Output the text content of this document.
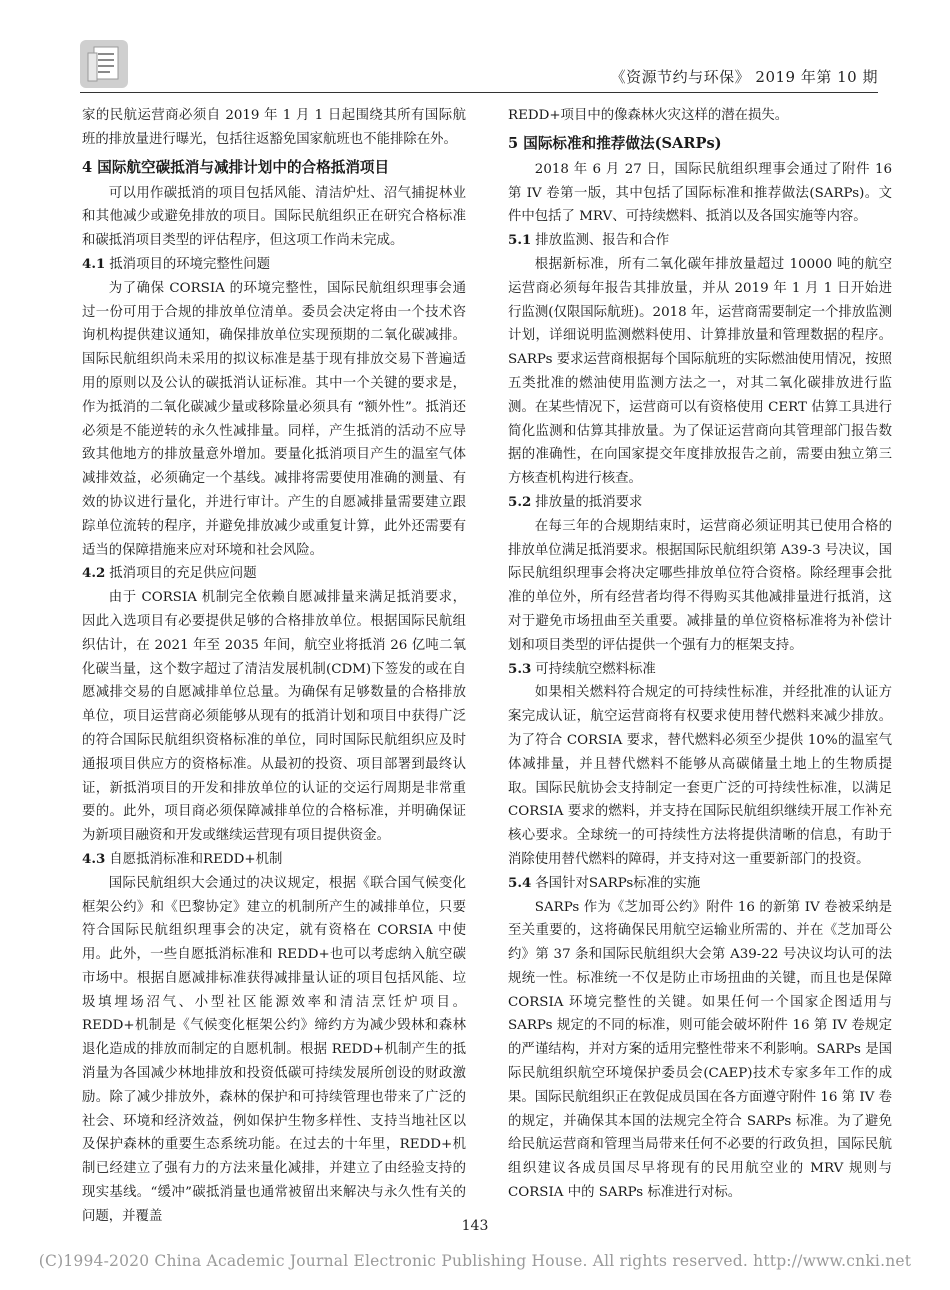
《资源节约与环保》 2019 年第 10 期

家的民航运营商必须自 2019 年 1 月 1 日起围绕其所有国际航班的排放量进行曝光，包括往返豁免国家航班也不能排除在外。

4 国际航空碳抵消与减排计划中的合格抵消项目

可以用作碳抵消的项目包括风能、清洁炉灶、沼气捕捉林业和其他减少或避免排放的项目。国际民航组织正在研究合格标准和碳抵消项目类型的评估程序，但这项工作尚未完成。

4.1 抵消项目的环境完整性问题

为了确保 CORSIA 的环境完整性，国际民航组织理事会通过一份可用于合规的排放单位清单。委员会决定将由一个技术咨询机构提供建议通知，确保排放单位实现预期的二氧化碳减排。国际民航组织尚未采用的拟议标准是基于现有排放交易下普遍适用的原则以及公认的碳抵消认证标准。其中一个关键的要求是，作为抵消的二氧化碳减少量或移除量必须具有 “额外性”。抵消还必须是不能逆转的永久性减排量。同样，产生抵消的活动不应导致其他地方的排放量意外增加。要量化抵消项目产生的温室气体减排效益，必须确定一个基线。减排将需要使用准确的测量、有效的协议进行量化，并进行审计。产生的自愿减排量需要建立跟踪单位流转的程序，并避免排放减少或重复计算，此外还需要有适当的保障措施来应对环境和社会风险。

4.2 抵消项目的充足供应问题

由于 CORSIA 机制完全依赖自愿减排量来满足抵消要求，因此入选项目有必要提供足够的合格排放单位。根据国际民航组织估计，在 2021 年至 2035 年间，航空业将抵消 26 亿吨二氧化碳当量，这个数字超过了清洁发展机制(CDM)下签发的或在自愿减排交易的自愿减排单位总量。为确保有足够数量的合格排放单位，项目运营商必须能够从现有的抵消计划和项目中获得广泛的符合国际民航组织资格标准的单位，同时国际民航组织应及时通报项目供应方的资格标准。从最初的投资、项目部署到最终认证，新抵消项目的开发和排放单位的认证的交运行周期是非常重要的。此外，项目商必须保障减排单位的合格标准，并明确保证为新项目融资和开发或继续运营现有项目提供资金。

4.3 自愿抵消标准和REDD+机制

国际民航组织大会通过的决议规定，根据《联合国气候变化框架公约》和《巴黎协定》建立的机制所产生的减排单位，只要符合国际民航组织理事会的决定，就有资格在 CORSIA 中使用。此外，一些自愿抵消标准和 REDD+也可以考虑纳入航空碳市场中。根据自愿减排标准获得减排量认证的项目包括风能、垃圾填埋场沼气、小型社区能源效率和清洁烹饪炉项目。REDD+机制是《气候变化框架公约》缔约方为减少毁林和森林退化造成的排放而制定的自愿机制。根据 REDD+机制产生的抵消量为各国减少林地排放和投资低碳可持续发展所创设的财政激励。除了减少排放外，森林的保护和可持续管理也带来了广泛的社会、环境和经济效益，例如保护生物多样性、支持当地社区以及保护森林的重要生态系统功能。在过去的十年里，REDD+机制已经建立了强有力的方法来量化减排，并建立了由经验支持的现实基线。“缓冲”碳抵消量也通常被留出来解决与永久性有关的问题，并覆盖

REDD+项目中的像森林火灾这样的潜在损失。

5 国际标准和推荐做法(SARPs)

2018 年 6 月 27 日，国际民航组织理事会通过了附件 16 第 IV 卷第一版，其中包括了国际标准和推荐做法(SARPs)。文件中包括了 MRV、可持续燃料、抵消以及各国实施等内容。

5.1 排放监测、报告和合作

根据新标准，所有二氧化碳年排放量超过 10000 吨的航空运营商必须每年报告其排放量，并从 2019 年 1 月 1 日开始进行监测(仅限国际航班)。2018 年，运营商需要制定一个排放监测计划，详细说明监测燃料使用、计算排放量和管理数据的程序。SARPs 要求运营商根据每个国际航班的实际燃油使用情况，按照五类批准的燃油使用监测方法之一，对其二氧化碳排放进行监测。在某些情况下，运营商可以有资格使用 CERT 估算工具进行简化监测和估算其排放量。为了保证运营商向其管理部门报告数据的准确性，在向国家提交年度排放报告之前，需要由独立第三方核查机构进行核查。

5.2 排放量的抵消要求

在每三年的合规期结束时，运营商必须证明其已使用合格的排放单位满足抵消要求。根据国际民航组织第 A39-3 号决议，国际民航组织理事会将决定哪些排放单位符合资格。除经理事会批准的单位外，所有经营者均得不得购买其他减排量进行抵消，这对于避免市场扭曲至关重要。减排量的单位资格标准将为补偿计划和项目类型的评估提供一个强有力的框架支持。

5.3 可持续航空燃料标准

如果相关燃料符合规定的可持续性标准，并经批准的认证方案完成认证，航空运营商将有权要求使用替代燃料来减少排放。为了符合 CORSIA 要求，替代燃料必须至少提供 10%的温室气体减排量，并且替代燃料不能够从高碳储量土地上的生物质提取。国际民航协会支持制定一套更广泛的可持续性标准，以满足 CORSIA 要求的燃料，并支持在国际民航组织继续开展工作补充核心要求。全球统一的可持续性方法将提供清晰的信息，有助于消除使用替代燃料的障碍，并支持对这一重要新部门的投资。

5.4 各国针对SARPs标准的实施

SARPs 作为《芝加哥公约》附件 16 的新第 IV 卷被采纳是至关重要的，这将确保民用航空运输业所需的、并在《芝加哥公约》第 37 条和国际民航组织大会第 A39-22 号决议均认可的法规统一性。标准统一不仅是防止市场扭曲的关键，而且也是保障 CORSIA 环境完整性的关键。如果任何一个国家企图适用与 SARPs 规定的不同的标准，则可能会破坏附件 16 第 IV 卷规定的严谨结构，并对方案的适用完整性带来不利影响。SARPs 是国际民航组织航空环境保护委员会(CAEP)技术专家多年工作的成果。国际民航组织正在敦促成员国在各方面遵守附件 16 第 IV 卷的规定，并确保其本国的法规完全符合 SARPs 标准。为了避免给民航运营商和管理当局带来任何不必要的行政负担，国际民航组织建议各成员国尽早将现有的民用航空业的 MRV 规则与 CORSIA 中的 SARPs 标准进行对标。

143
(C)1994-2020 China Academic Journal Electronic Publishing House. All rights reserved. http://www.cnki.net
